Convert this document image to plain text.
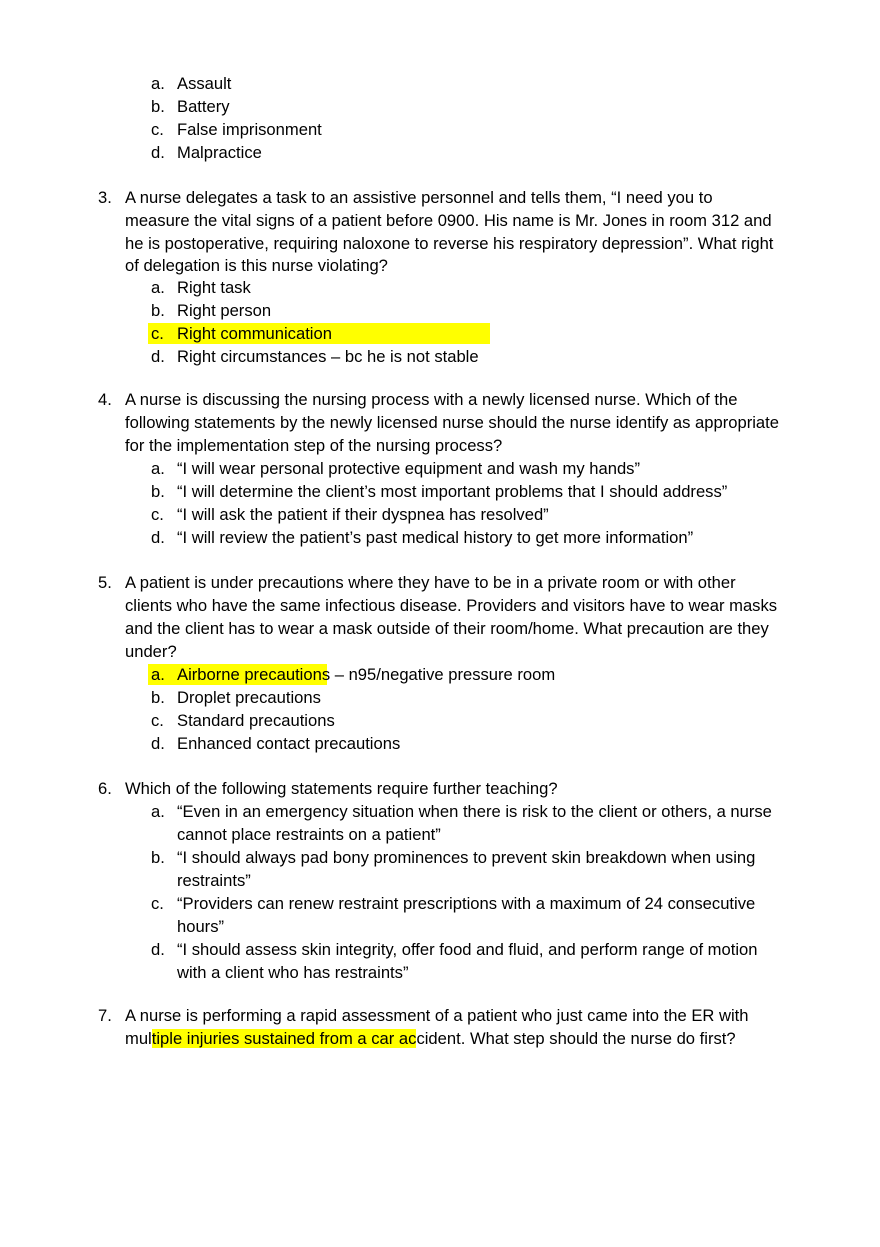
a. Assault
b. Battery
c. False imprisonment
d. Malpractice
3. A nurse delegates a task to an assistive personnel and tells them, “I need you to
measure the vital signs of a patient before 0900. His name is Mr. Jones in room 312 and
he is postoperative, requiring naloxone to reverse his respiratory depression”. What right
of delegation is this nurse violating?
a. Right task
b. Right person
c. Right communication
d. Right circumstances – bc he is not stable
4. A nurse is discussing the nursing process with a newly licensed nurse. Which of the
following statements by the newly licensed nurse should the nurse identify as appropriate
for the implementation step of the nursing process?
a. “I will wear personal protective equipment and wash my hands”
b. “I will determine the client’s most important problems that I should address”
c. “I will ask the patient if their dyspnea has resolved”
d. “I will review the patient’s past medical history to get more information”
5. A patient is under precautions where they have to be in a private room or with other
clients who have the same infectious disease. Providers and visitors have to wear masks
and the client has to wear a mask outside of their room/home. What precaution are they
under?
a. Airborne precautions – n95/negative pressure room
b. Droplet precautions
c. Standard precautions
d. Enhanced contact precautions
6. Which of the following statements require further teaching?
a. “Even in an emergency situation when there is risk to the client or others, a nurse
cannot place restraints on a patient”
b. “I should always pad bony prominences to prevent skin breakdown when using
restraints”
c. “Providers can renew restraint prescriptions with a maximum of 24 consecutive
hours”
d. “I should assess skin integrity, offer food and fluid, and perform range of motion
with a client who has restraints”
7. A nurse is performing a rapid assessment of a patient who just came into the ER with
multiple injuries sustained from a car accident. What step should the nurse do first?
